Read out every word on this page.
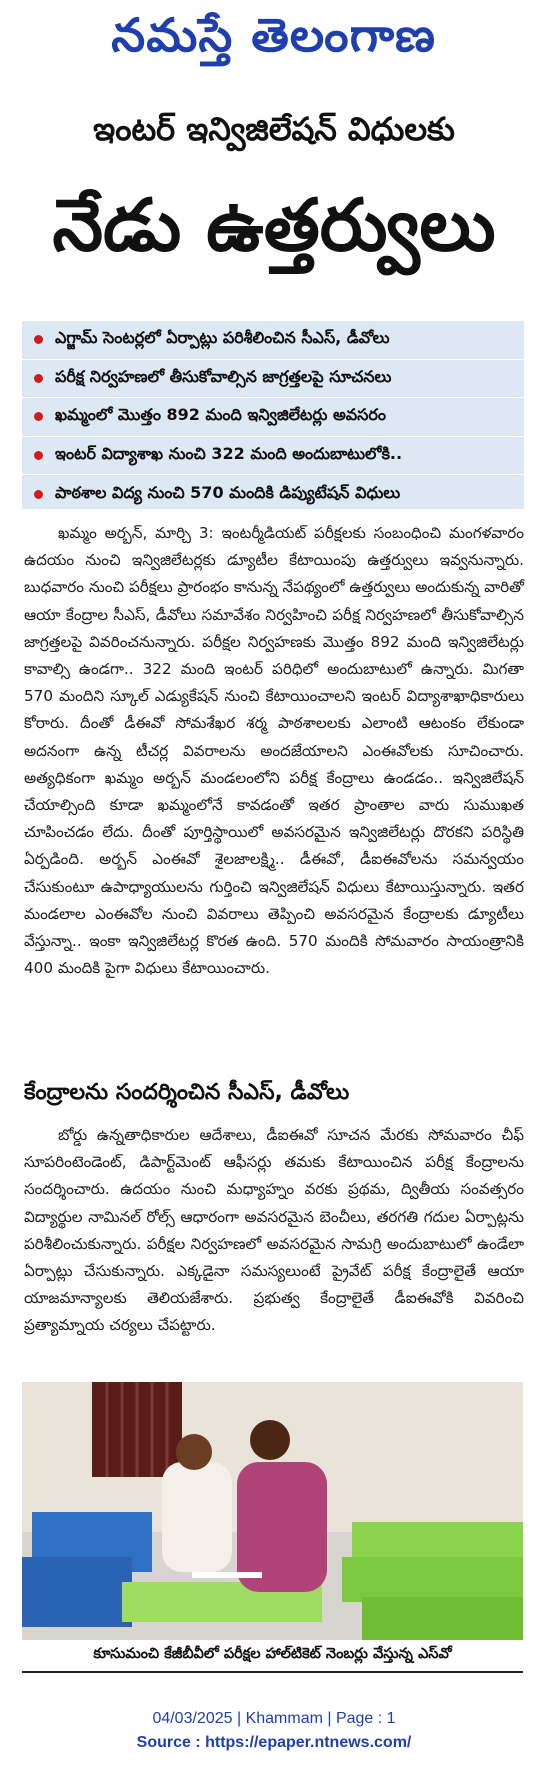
నమస్తే తెలంగాణ
ఇంటర్ ఇన్విజిలేషన్ విధులకు
నేడు ఉత్తర్వులు
ఎగ్జామ్ సెంటర్లలో ఏర్పాట్లు పరిశీలించిన సీఎస్, డీవోలు
పరీక్ష నిర్వహణలో తీసుకోవాల్సిన జాగ్రత్తలపై సూచనలు
ఖమ్మంలో మొత్తం 892 మంది ఇన్విజిలేటర్లు అవసరం
ఇంటర్ విద్యాశాఖ నుంచి 322 మంది అందుబాటులోకి..
పాఠశాల విద్య నుంచి 570 మందికి డిప్యుటేషన్ విధులు

ఖమ్మం అర్బన్, మార్చి 3: ఇంటర్మీడియట్ పరీక్షలకు సంబంధించి మంగళవారం ఉదయం నుంచి ఇన్విజిలేటర్లకు డ్యూటీల కేటాయింపు ఉత్తర్వులు ఇవ్వనున్నారు. బుధవారం నుంచి పరీక్షలు ప్రారంభం కానున్న నేపథ్యంలో ఉత్తర్వులు అందుకున్న వారితో ఆయా కేంద్రాల సీఎస్, డీవోలు సమావేశం నిర్వహించి పరీక్ష నిర్వహణలో తీసుకోవాల్సిన జాగ్రత్తలపై వివరించనున్నారు. పరీక్షల నిర్వహణకు మొత్తం 892 మంది ఇన్విజిలేటర్లు కావాల్సి ఉండగా.. 322 మంది ఇంటర్ పరిధిలో అందుబాటులో ఉన్నారు. మిగతా 570 మందిని స్కూల్ ఎడ్యుకేషన్ నుంచి కేటాయించాలని ఇంటర్ విద్యాశాఖాధికారులు కోరారు. దీంతో డీఈవో సోమశేఖర శర్మ పాఠశాలలకు ఎలాంటి ఆటంకం లేకుండా అదనంగా ఉన్న టీచర్ల వివరాలను అందజేయాలని ఎంఈవోలకు సూచించారు. అత్యధికంగా ఖమ్మం అర్బన్ మండలంలోని పరీక్ష కేంద్రాలు ఉండడం.. ఇన్విజిలేషన్ చేయాల్సింది కూడా ఖమ్మంలోనే కావడంతో ఇతర ప్రాంతాల వారు సుముఖత చూపించడం లేదు. దీంతో పూర్తిస్థాయిలో అవసరమైన ఇన్విజిలేటర్లు దొరకని పరిస్థితి ఏర్పడింది. అర్బన్ ఎంఈవో శైలజాలక్ష్మి.. డీఈవో, డీఐఈవోలను సమన్వయం చేసుకుంటూ ఉపాధ్యాయులను గుర్తించి ఇన్విజిలేషన్ విధులు కేటాయిస్తున్నారు. ఇతర మండలాల ఎంఈవోల నుంచి వివరాలు తెప్పించి అవసరమైన కేంద్రాలకు డ్యూటీలు వేస్తున్నా.. ఇంకా ఇన్విజిలేటర్ల కొరత ఉంది. 570 మందికి సోమవారం సాయంత్రానికి 400 మందికి పైగా విధులు కేటాయించారు.

కేంద్రాలను సందర్శించిన సీఎస్, డీవోలు

బోర్డు ఉన్నతాధికారుల ఆదేశాలు, డీఐఈవో సూచన మేరకు సోమవారం చీఫ్ సూపరింటెండెంట్, డిపార్ట్‌మెంట్ ఆఫీసర్లు తమకు కేటాయించిన పరీక్ష కేంద్రాలను సందర్శించారు. ఉదయం నుంచి మధ్యాహ్నం వరకు ప్రథమ, ద్వితీయ సంవత్సరం విద్యార్థుల నామినల్ రోల్స్ ఆధారంగా అవసరమైన బెంచీలు, తరగతి గదుల ఏర్పాట్లను పరిశీలించుకున్నారు. పరీక్షల నిర్వహణలో అవసరమైన సామగ్రి అందుబాటులో ఉండేలా ఏర్పాట్లు చేసుకున్నారు. ఎక్కడైనా సమస్యలుంటే ప్రైవేట్ పరీక్ష కేంద్రాలైతే ఆయా యాజమాన్యాలకు తెలియజేశారు. ప్రభుత్వ కేంద్రాలైతే డీఐఈవోకి వివరించి ప్రత్యామ్నాయ చర్యలు చేపట్టారు.

కూసుమంచి కేజీబీవీలో పరీక్షల హాల్‌టికెట్ నెంబర్లు వేస్తున్న ఎస్‌వో
04/03/2025 | Khammam | Page : 1
Source : https://epaper.ntnews.com/
